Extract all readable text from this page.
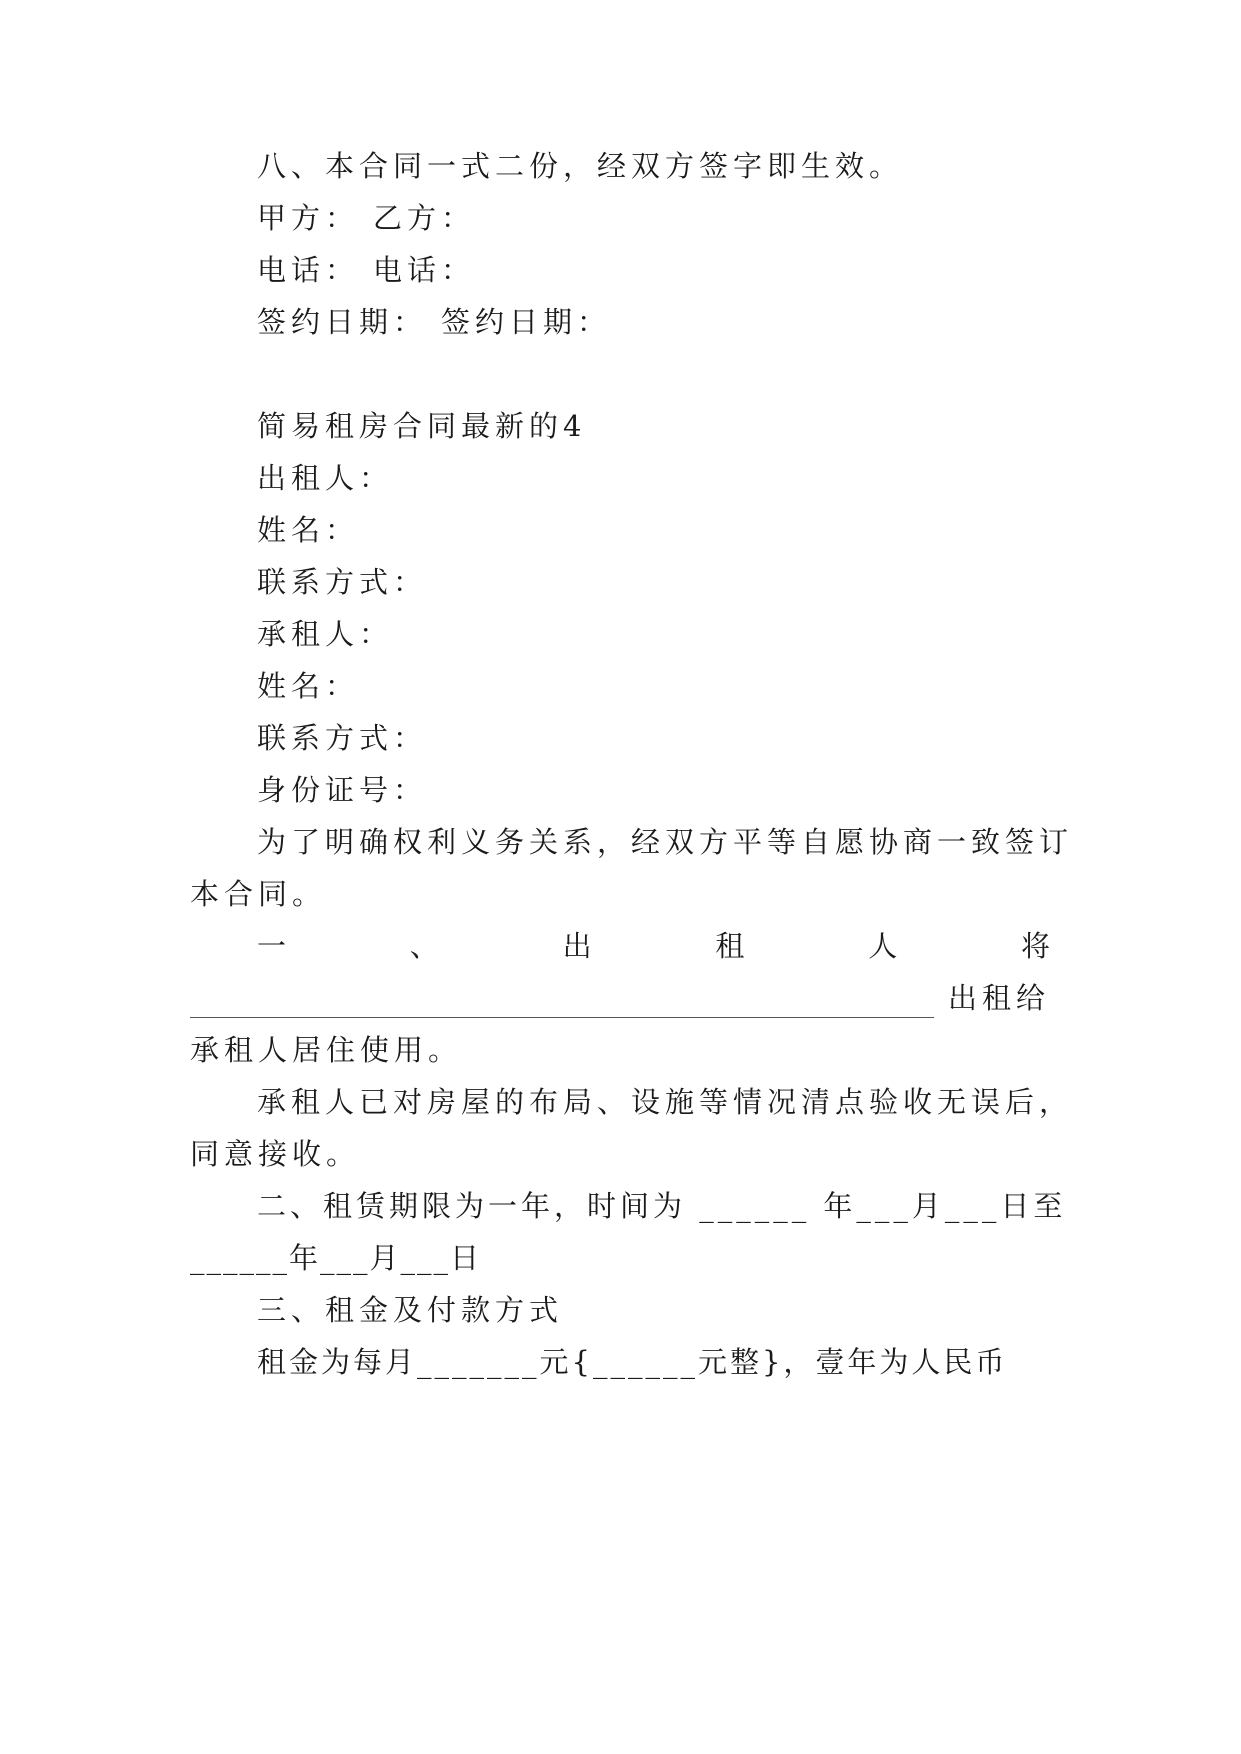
八、本合同一式二份，经双方签字即生效。
甲方： 乙方：
电话： 电话：
签约日期： 签约日期：
简易租房合同最新的4
出租人：
姓名：
联系方式：
承租人：
姓名：
联系方式：
身份证号：
为了明确权利义务关系，经双方平等自愿协商一致签订
本合同。
一	、	出	租	人	将
出租给
承租人居住使用。
承租人已对房屋的布局、设施等情况清点验收无误后，
同意接收。
二、租赁期限为一年，时间为 ______ 年___月___日至
______年___月___日
三、租金及付款方式
租金为每月_______元{______元整}，壹年为人民币
